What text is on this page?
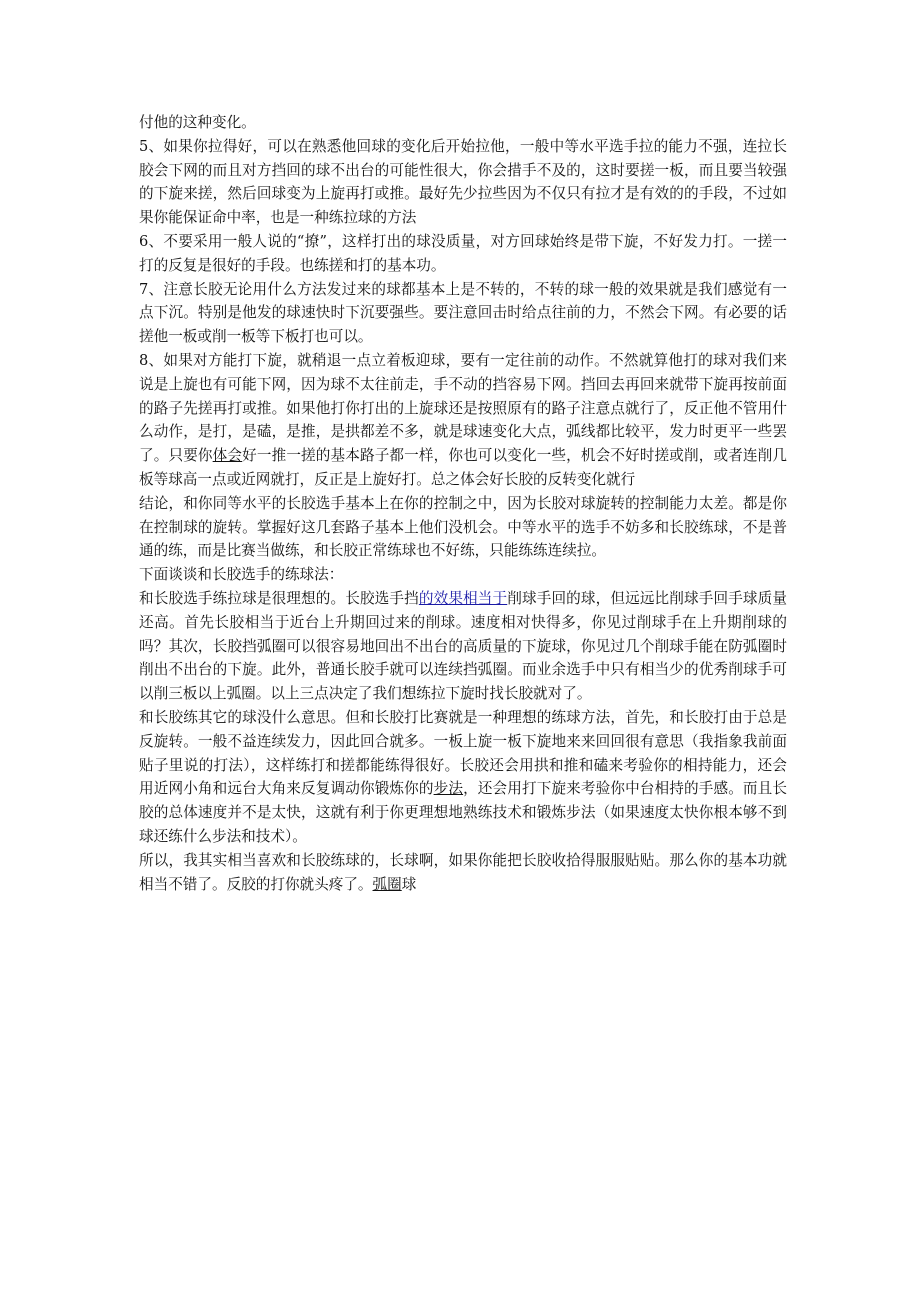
付他的这种变化。

5、如果你拉得好，可以在熟悉他回球的变化后开始拉他，一般中等水平选手拉的能力不强，连拉长胶会下网的而且对方挡回的球不出台的可能性很大，你会措手不及的，这时要搓一板，而且要当较强的下旋来搓，然后回球变为上旋再打或推。最好先少拉些因为不仅只有拉才是有效的的手段，不过如果你能保证命中率，也是一种练拉球的方法

6、不要采用一般人说的“撩”，这样打出的球没质量，对方回球始终是带下旋，不好发力打。一搓一打的反复是很好的手段。也练搓和打的基本功。

7、注意长胶无论用什么方法发过来的球都基本上是不转的，不转的球一般的效果就是我们感觉有一点下沉。特别是他发的球速快时下沉要强些。要注意回击时给点往前的力，不然会下网。有必要的话搓他一板或削一板等下板打也可以。

8、如果对方能打下旋，就稍退一点立着板迎球，要有一定往前的动作。不然就算他打的球对我们来说是上旋也有可能下网，因为球不太往前走，手不动的挡容易下网。挡回去再回来就带下旋再按前面的路子先搓再打或推。如果他打你打出的上旋球还是按照原有的路子注意点就行了，反正他不管用什么动作，是打，是磕，是推，是拱都差不多，就是球速变化大点，弧线都比较平，发力时更平一些罢了。只要你体会好一推一搓的基本路子都一样，你也可以变化一些，机会不好时搓或削，或者连削几板等球高一点或近网就打，反正是上旋好打。总之体会好长胶的反转变化就行

结论，和你同等水平的长胶选手基本上在你的控制之中，因为长胶对球旋转的控制能力太差。都是你在控制球的旋转。掌握好这几套路子基本上他们没机会。中等水平的选手不妨多和长胶练球，不是普通的练，而是比赛当做练，和长胶正常练球也不好练，只能练练连续拉。

下面谈谈和长胶选手的练球法：

和长胶选手练拉球是很理想的。长胶选手挡的效果相当于削球手回的球，但远远比削球手回手球质量还高。首先长胶相当于近台上升期回过来的削球。速度相对快得多，你见过削球手在上升期削球的吗？其次，长胶挡弧圈可以很容易地回出不出台的高质量的下旋球，你见过几个削球手能在防弧圈时削出不出台的下旋。此外，普通长胶手就可以连续挡弧圈。而业余选手中只有相当少的优秀削球手可以削三板以上弧圈。以上三点决定了我们想练拉下旋时找长胶就对了。

和长胶练其它的球没什么意思。但和长胶打比赛就是一种理想的练球方法，首先，和长胶打由于总是反旋转。一般不益连续发力，因此回合就多。一板上旋一板下旋地来来回回很有意思（我指象我前面贴子里说的打法），这样练打和搓都能练得很好。长胶还会用拱和推和磕来考验你的相持能力，还会用近网小角和远台大角来反复调动你锻炼你的步法，还会用打下旋来考验你中台相持的手感。而且长胶的总体速度并不是太快，这就有利于你更理想地熟练技术和锻炼步法（如果速度太快你根本够不到球还练什么步法和技术）。

所以，我其实相当喜欢和长胶练球的，长球啊，如果你能把长胶收拾得服服贴贴。那么你的基本功就相当不错了。反胶的打你就头疼了。弧圈球
